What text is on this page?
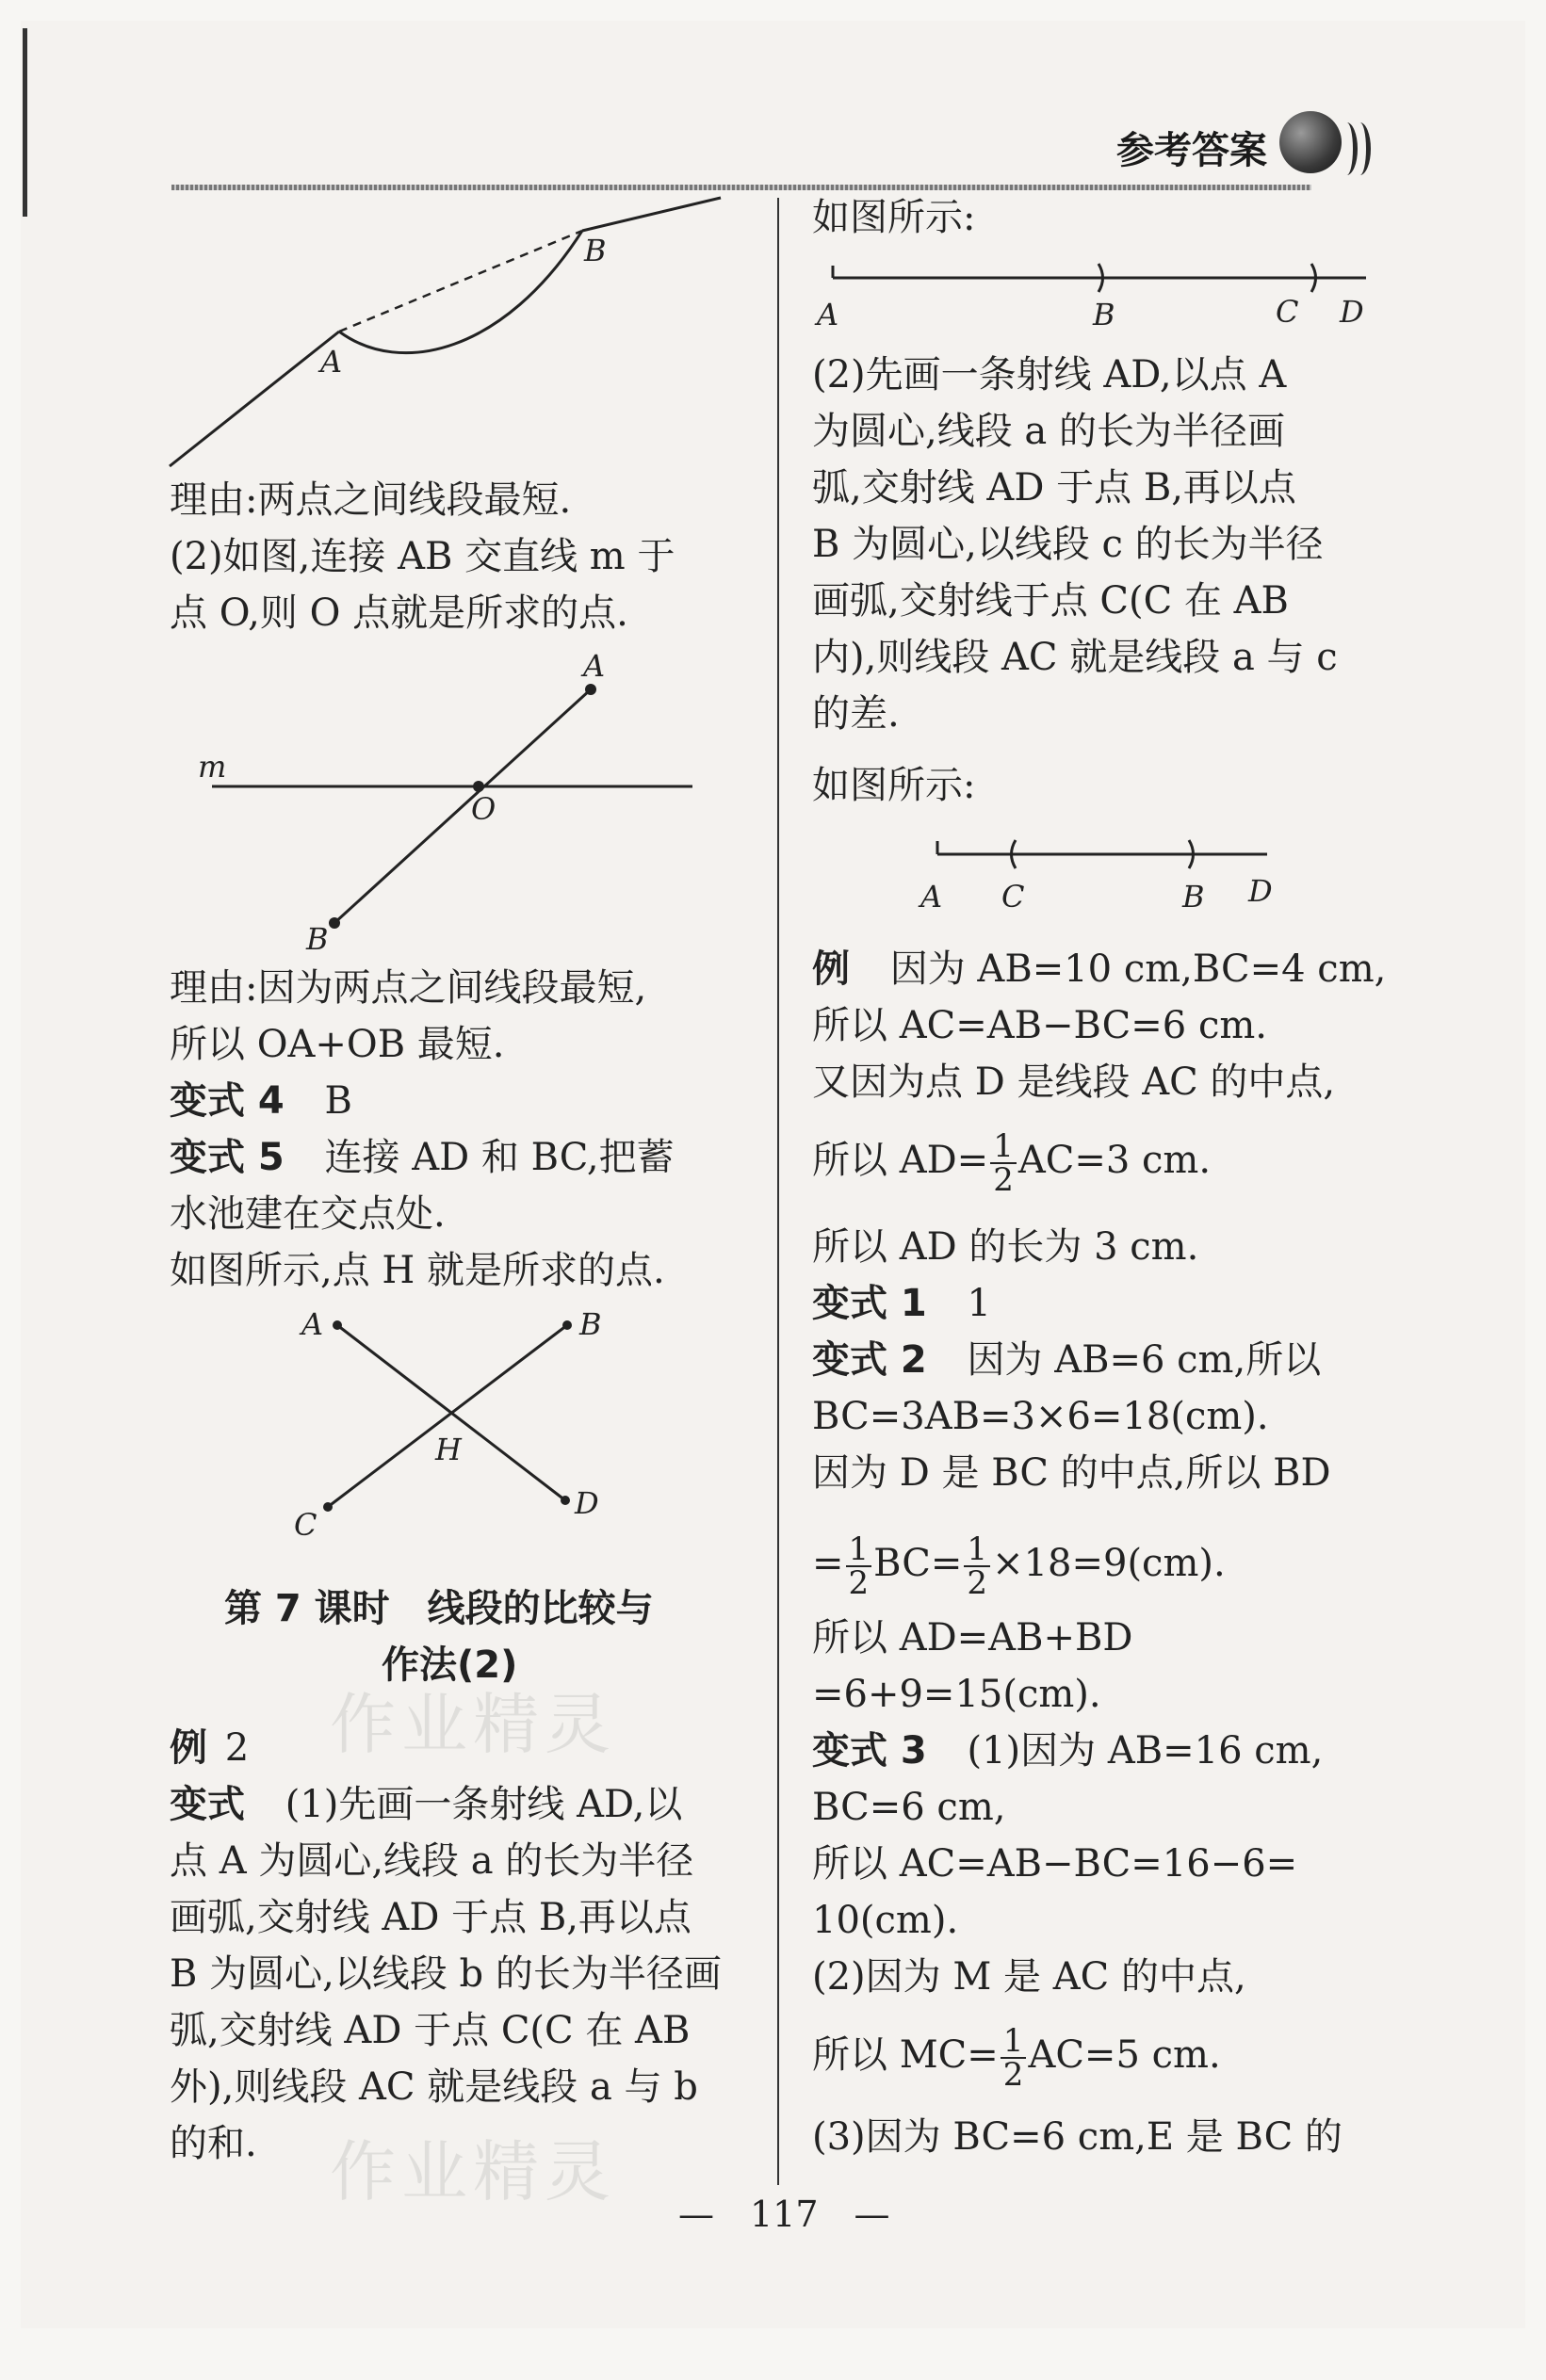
参考答案
作业精灵
作业精灵
A
B
理由:两点之间线段最短.
(2)如图,连接 AB 交直线 m 于
点 O,则 O 点就是所求的点.
A
m
O
B
理由:因为两点之间线段最短,
所以 OA+OB 最短.
变式 4 B
变式 5 连接 AD 和 BC,把蓄
水池建在交点处.
如图所示,点 H 就是所求的点.
A	B
H
C
D
第 7 课时　线段的比较与
作法(2)
例 2
变式 (1)先画一条射线 AD,以
点 A 为圆心,线段 a 的长为半径
画弧,交射线 AD 于点 B,再以点
B 为圆心,以线段 b 的长为半径画
弧,交射线 AD 于点 C(C 在 AB
外),则线段 AC 就是线段 a 与 b
的和.
如图所示:
A	B	C D
(2)先画一条射线 AD,以点 A
为圆心,线段 a 的长为半径画
弧,交射线 AD 于点 B,再以点
B 为圆心,以线段 c 的长为半径
画弧,交射线于点 C(C 在 AB
内),则线段 AC 就是线段 a 与 c
的差.
如图所示:
A C	B D
例 因为 AB=10 cm,BC=4 cm,
所以 AC=AB−BC=6 cm.
又因为点 D 是线段 AC 的中点,
所以 $AD= \frac{1}{2} AC=3$ cm.
所以 AD 的长为 3 cm.
变式 1 1
变式 2 因为 AB=6 cm,所以
BC=3AB=3×6=18(cm).
因为 D 是 BC 的中点,所以 BD
= $\frac{1}{2} BC= \frac{1}{2} \times 18=9(cm)$.
所以 AD=AB+BD
=6+9=15(cm).
变式 3 (1)因为 AB=16 cm,
BC=6 cm,
所以 AC=AB−BC=16−6=
10(cm).
(2)因为 M 是 AC 的中点,
所以 $MC= \frac{1}{2} AC=5$ cm.
(3)因为 BC=6 cm,E 是 BC 的
—　117　—
